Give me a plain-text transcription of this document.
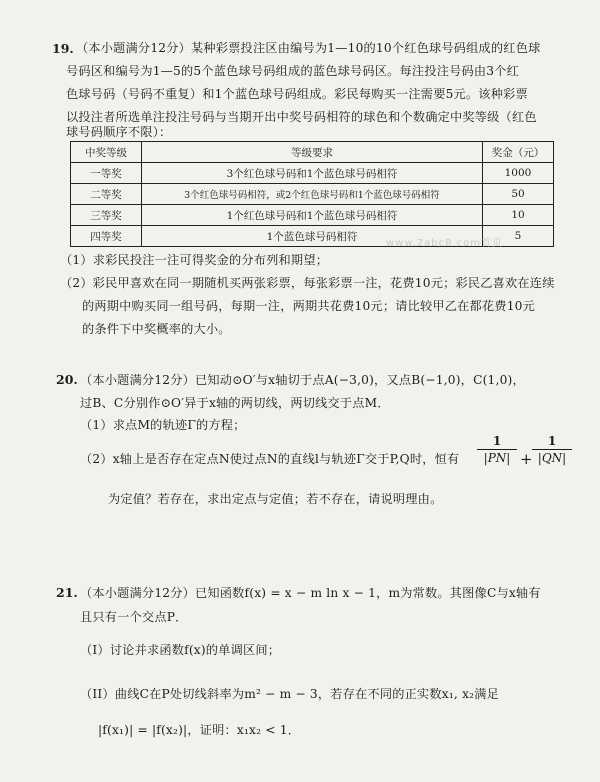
19. （本小题满分12分）某种彩票投注区由编号为1—10的10个红色球号码组成的红色球
号码区和编号为1—5的5个蓝色球号码组成的蓝色球号码区。每注投注号码由3个红
色球号码（号码不重复）和1个蓝色球号码组成。彩民每购买一注需要5元。该种彩票
以投注者所选单注投注号码与当期开出中奖号码相符的球色和个数确定中奖等级（红色
球号码顺序不限）：
中奖等级	等级要求	奖金（元）
一等奖	3个红色球号码和1个蓝色球号码相符	1000
二等奖	3个红色球号码相符，或2个红色球号码和1个蓝色球号码相符	50
三等奖	1个红色球号码和1个蓝色球号码相符	10
四等奖	1个蓝色球号码相符	5
www.2abc8.com首页
（1）求彩民投注一注可得奖金的分布列和期望；
（2）彩民甲喜欢在同一期随机买两张彩票，每张彩票一注，花费10元；彩民乙喜欢在连续
的两期中购买同一组号码，每期一注，两期共花费10元；请比较甲乙在都花费10元
的条件下中奖概率的大小。
20. （本小题满分12分）已知动⊙O′与x轴切于点A(−3,0)，又点B(−1,0)，C(1,0)，
过B、C分别作⊙O′异于x轴的两切线，两切线交于点M．
（1）求点M的轨迹Γ的方程；
（2）x轴上是否存在定点N使过点N的直线l与轨迹Γ交于P,Q时，恒有
1
|PN| +
1
|QN|
为定值？若存在，求出定点与定值；若不存在，请说明理由。
21. （本小题满分12分）已知函数f(x) = x − m ln x − 1，m为常数。其图像C与x轴有
且只有一个交点P．
（I）讨论并求函数f(x)的单调区间；
（II）曲线C在P处切线斜率为m² − m − 3，若存在不同的正实数x₁, x₂满足
|f(x₁)| = |f(x₂)|，证明：x₁x₂ < 1．
